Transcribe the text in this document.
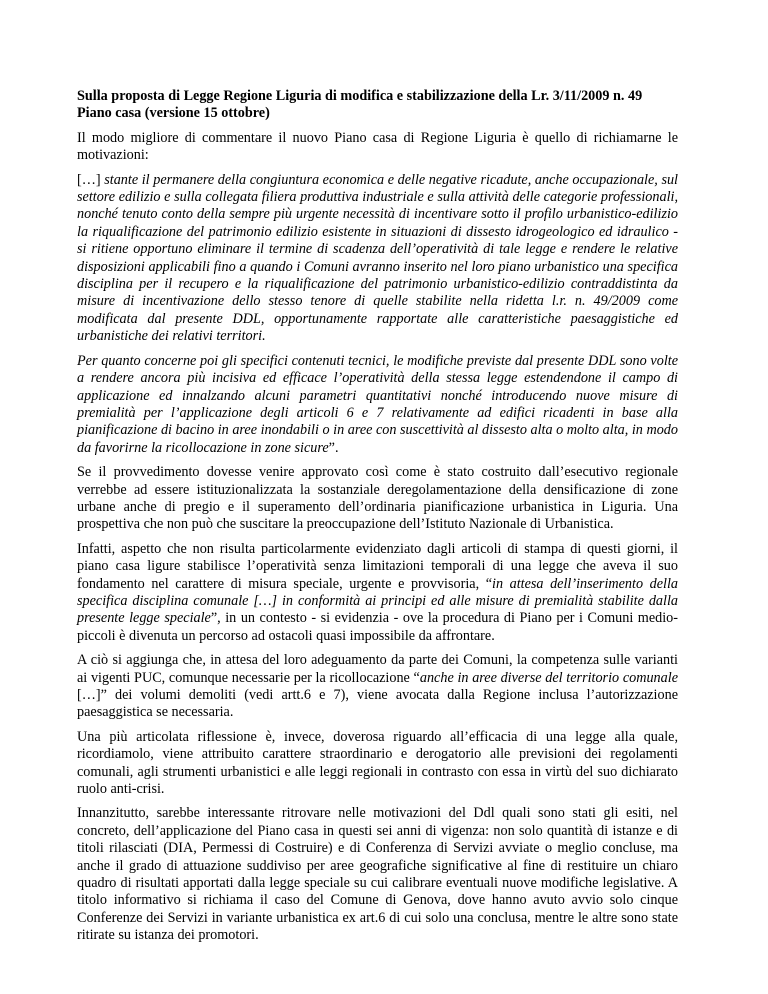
Sulla proposta di Legge Regione Liguria di modifica e stabilizzazione della Lr. 3/11/2009 n. 49 Piano casa (versione 15 ottobre)

Il modo migliore di commentare il nuovo Piano casa di Regione Liguria è quello di richiamarne le motivazioni:

[…] stante il permanere della congiuntura economica e delle negative ricadute, anche occupazionale, sul settore edilizio e sulla collegata filiera produttiva industriale e sulla attività delle categorie professionali, nonché tenuto conto della sempre più urgente necessità di incentivare sotto il profilo urbanistico-edilizio la riqualificazione del patrimonio edilizio esistente in situazioni di dissesto idrogeologico ed idraulico - si ritiene opportuno eliminare il termine di scadenza dell’operatività di tale legge e rendere le relative disposizioni applicabili fino a quando i Comuni avranno inserito nel loro piano urbanistico una specifica disciplina per il recupero e la riqualificazione del patrimonio urbanistico-edilizio contraddistinta da misure di incentivazione dello stesso tenore di quelle stabilite nella ridetta l.r. n. 49/2009 come modificata dal presente DDL, opportunamente rapportate alle caratteristiche paesaggistiche ed urbanistiche dei relativi territori.

Per quanto concerne poi gli specifici contenuti tecnici, le modifiche previste dal presente DDL sono volte a rendere ancora più incisiva ed efficace l’operatività della stessa legge estendendone il campo di applicazione ed innalzando alcuni parametri quantitativi nonché introducendo nuove misure di premialità per l’applicazione degli articoli 6 e 7 relativamente ad edifici ricadenti in base alla pianificazione di bacino in aree inondabili o in aree con suscettività al dissesto alta o molto alta, in modo da favorirne la ricollocazione in zone sicure”.

Se il provvedimento dovesse venire approvato così come è stato costruito dall’esecutivo regionale verrebbe ad essere istituzionalizzata la sostanziale deregolamentazione della densificazione di zone urbane anche di pregio e il superamento dell’ordinaria pianificazione urbanistica in Liguria. Una prospettiva che non può che suscitare la preoccupazione dell’Istituto Nazionale di Urbanistica.

Infatti, aspetto che non risulta particolarmente evidenziato dagli articoli di stampa di questi giorni, il piano casa ligure stabilisce l’operatività senza limitazioni temporali di una legge che aveva il suo fondamento nel carattere di misura speciale, urgente e provvisoria, “in attesa dell’inserimento della specifica disciplina comunale […] in conformità ai principi ed alle misure di premialità stabilite dalla presente legge speciale”, in un contesto - si evidenzia - ove la procedura di Piano per i Comuni medio-piccoli è divenuta un percorso ad ostacoli quasi impossibile da affrontare.

A ciò si aggiunga che, in attesa del loro adeguamento da parte dei Comuni, la competenza sulle varianti ai vigenti PUC, comunque necessarie per la ricollocazione “anche in aree diverse del territorio comunale […]” dei volumi demoliti (vedi artt.6 e 7), viene avocata dalla Regione inclusa l’autorizzazione paesaggistica se necessaria.

Una più articolata riflessione è, invece, doverosa riguardo all’efficacia di una legge alla quale, ricordiamolo, viene attribuito carattere straordinario e derogatorio alle previsioni dei regolamenti comunali, agli strumenti urbanistici e alle leggi regionali in contrasto con essa in virtù del suo dichiarato ruolo anti-crisi.

Innanzitutto, sarebbe interessante ritrovare nelle motivazioni del Ddl quali sono stati gli esiti, nel concreto, dell’applicazione del Piano casa in questi sei anni di vigenza: non solo quantità di istanze e di titoli rilasciati (DIA, Permessi di Costruire) e di Conferenza di Servizi avviate o meglio concluse, ma anche il grado di attuazione suddiviso per aree geografiche significative al fine di restituire un chiaro quadro di risultati apportati dalla legge speciale su cui calibrare eventuali nuove modifiche legislative. A titolo informativo si richiama il caso del Comune di Genova, dove hanno avuto avvio solo cinque Conferenze dei Servizi in variante urbanistica ex art.6 di cui solo una conclusa, mentre le altre sono state ritirate su istanza dei promotori.
